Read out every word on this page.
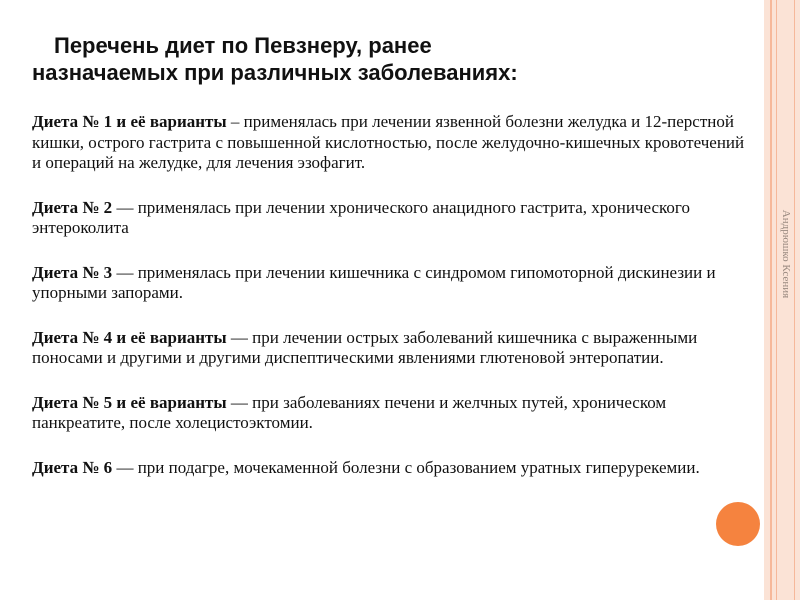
Андрюшко Ксения
Перечень диет по Певзнеру, ранее
назначаемых при различных заболеваниях:

Диета № 1 и её варианты – применялась при лечении язвенной болезни желудка и 12-перстной кишки, острого гастрита с повышенной кислотностью, после желудочно-кишечных кровотечений и операций на желудке, для лечения эзофагит.

Диета № 2 — применялась при лечении хронического анацидного гастрита, хронического энтероколита

Диета № 3 — применялась при лечении кишечника с синдромом гипомоторной дискинезии и упорными запорами.

Диета № 4 и её варианты — при лечении острых заболеваний кишечника с выраженными поносами и другими и другими диспептическими явлениями глютеновой энтеропатии.

Диета № 5 и её варианты — при заболеваниях печени и желчных путей, хроническом панкреатите, после холецистоэктомии.

Диета № 6 — при подагре, мочекаменной болезни с образованием уратных гиперурекемии.
